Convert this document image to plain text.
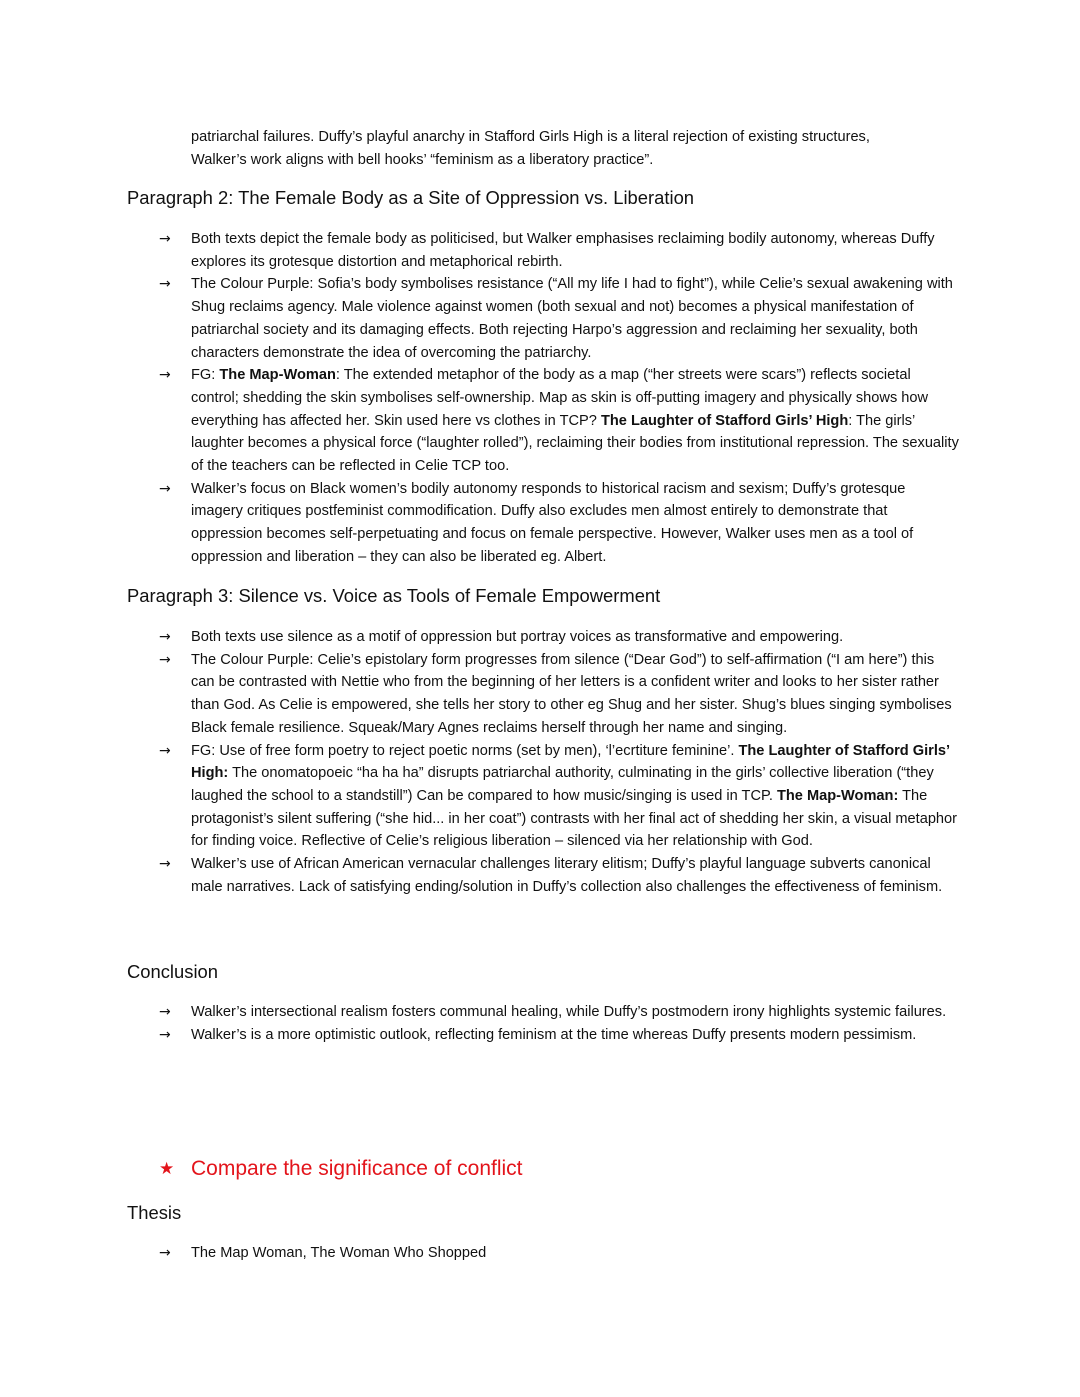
patriarchal failures. Duffy’s playful anarchy in Stafford Girls High is a literal rejection of existing structures,
Walker’s work aligns with bell hooks’ “feminism as a liberatory practice”.

Paragraph 2: The Female Body as a Site of Oppression vs. Liberation
→ Both texts depict the female body as politicised, but Walker emphasises reclaiming bodily autonomy, whereas Duffy explores its grotesque distortion and metaphorical rebirth.
→ The Colour Purple: Sofia’s body symbolises resistance (“All my life I had to fight”), while Celie’s sexual awakening with Shug reclaims agency. Male violence against women (both sexual and not) becomes a physical manifestation of patriarchal society and its damaging effects. Both rejecting Harpo’s aggression and reclaiming her sexuality, both characters demonstrate the idea of overcoming the patriarchy.
→ FG: The Map-Woman: The extended metaphor of the body as a map (“her streets were scars”) reflects societal control; shedding the skin symbolises self-ownership. Map as skin is off-putting imagery and physically shows how everything has affected her. Skin used here vs clothes in TCP? The Laughter of Stafford Girls’ High: The girls’ laughter becomes a physical force (“laughter rolled”), reclaiming their bodies from institutional repression. The sexuality of the teachers can be reflected in Celie TCP too.
→ Walker’s focus on Black women’s bodily autonomy responds to historical racism and sexism; Duffy’s grotesque imagery critiques postfeminist commodification. Duffy also excludes men almost entirely to demonstrate that oppression becomes self-perpetuating and focus on female perspective. However, Walker uses men as a tool of oppression and liberation – they can also be liberated eg. Albert.
Paragraph 3: Silence vs. Voice as Tools of Female Empowerment
→ Both texts use silence as a motif of oppression but portray voices as transformative and empowering.
→ The Colour Purple: Celie’s epistolary form progresses from silence (“Dear God”) to self-affirmation (“I am here”) this can be contrasted with Nettie who from the beginning of her letters is a confident writer and looks to her sister rather than God. As Celie is empowered, she tells her story to other eg Shug and her sister. Shug’s blues singing symbolises Black female resilience. Squeak/Mary Agnes reclaims herself through her name and singing.
→ FG: Use of free form poetry to reject poetic norms (set by men), ‘l’ecrtiture feminine’. The Laughter of Stafford Girls’ High: The onomatopoeic “ha ha ha” disrupts patriarchal authority, culminating in the girls’ collective liberation (“they laughed the school to a standstill”) Can be compared to how music/singing is used in TCP. The Map-Woman: The protagonist’s silent suffering (“she hid... in her coat”) contrasts with her final act of shedding her skin, a visual metaphor for finding voice. Reflective of Celie’s religious liberation – silenced via her relationship with God.
→ Walker’s use of African American vernacular challenges literary elitism; Duffy’s playful language subverts canonical male narratives. Lack of satisfying ending/solution in Duffy’s collection also challenges the effectiveness of feminism.
Conclusion
→ Walker’s intersectional realism fosters communal healing, while Duffy’s postmodern irony highlights systemic failures.
→ Walker’s is a more optimistic outlook, reflecting feminism at the time whereas Duffy presents modern pessimism.
★ Compare the significance of conflict
Thesis
→ The Map Woman, The Woman Who Shopped
